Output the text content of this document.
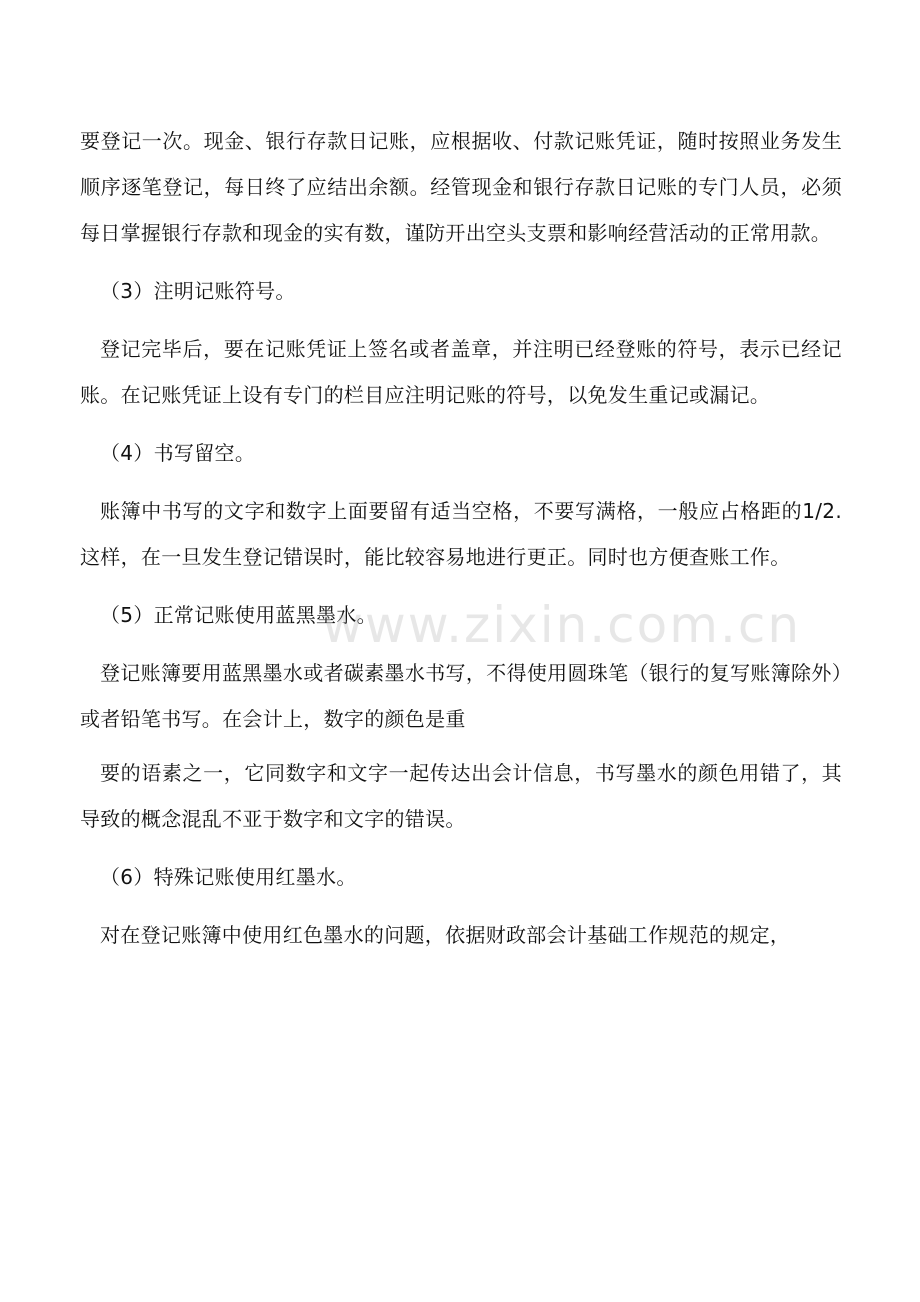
要登记一次。现金、银行存款日记账，应根据收、付款记账凭证，随时按照业务发生顺序逐笔登记，每日终了应结出余额。经管现金和银行存款日记账的专门人员，必须每日掌握银行存款和现金的实有数，谨防开出空头支票和影响经营活动的正常用款。

（3）注明记账符号。

登记完毕后，要在记账凭证上签名或者盖章，并注明已经登账的符号，表示已经记账。在记账凭证上设有专门的栏目应注明记账的符号，以免发生重记或漏记。

（4）书写留空。

账簿中书写的文字和数字上面要留有适当空格，不要写满格，一般应占格距的1/2.这样，在一旦发生登记错误时，能比较容易地进行更正。同时也方便查账工作。

（5）正常记账使用蓝黑墨水。

登记账簿要用蓝黑墨水或者碳素墨水书写，不得使用圆珠笔（银行的复写账簿除外）或者铅笔书写。在会计上，数字的颜色是重

要的语素之一，它同数字和文字一起传达出会计信息，书写墨水的颜色用错了，其导致的概念混乱不亚于数字和文字的错误。

（6）特殊记账使用红墨水。

对在登记账簿中使用红色墨水的问题，依据财政部会计基础工作规范的规定，

www.zixin.com.cn
